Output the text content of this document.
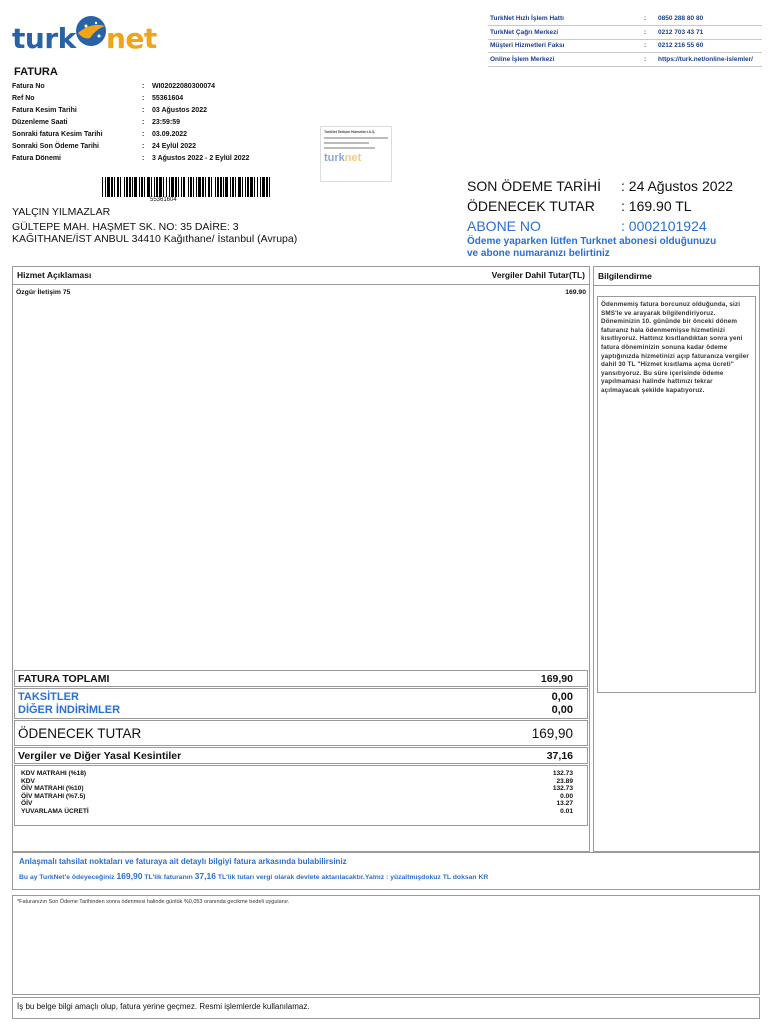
turk net
TurkNet Hızlı İşlem Hattı	:	0850 288 80 80
TurkNet Çağrı Merkezi	:	0212 703 43 71
Müşteri Hizmetleri Faksı	:	0212 216 55 60
Online İşlem Merkezi	:	https://turk.net/online-islemler/
FATURA
Fatura No	:	WI02022080300074
Ref No	:	55361604
Fatura Kesim Tarihi	:	03 Ağustos 2022
Düzenleme Saati	:	23:59:59
Sonraki fatura Kesim Tarihi	:	03.09.2022
Sonraki Son Ödeme Tarihi	:	24 Eylül 2022
Fatura Dönemi	:	3 Ağustos 2022 - 2 Eylül 2022
TurkNet İletişim Hizmetleri A.Ş.
turknet
55361604
YALÇIN YILMAZLAR
GÜLTEPE MAH. HAŞMET SK. NO: 35 DAİRE: 3
KAĞITHANE/İST ANBUL 34410 Kağıthane/ İstanbul (Avrupa)
SON ÖDEME TARİHİ	: 24 Ağustos 2022
ÖDENECEK TUTAR	: 169.90 TL
ABONE NO	: 0002101924
Ödeme yaparken lütfen Turknet abonesi olduğunuzu
ve abone numaranızı belirtiniz
Hizmet Açıklaması	Vergiler Dahil Tutar(TL)
Özgür İletişim 75	169.90
Bilgilendirme
Ödenmemiş fatura borcunuz olduğunda, sizi SMS'le ve arayarak bilgilendiriyoruz. Döneminizin 10. gününde bir önceki dönem faturanız hala ödenmemişse hizmetinizi kısıtlıyoruz. Hattınız kısıtlandıktan sonra yeni fatura döneminizin sonuna kadar ödeme yaptığınızda hizmetinizi açıp faturanıza vergiler dahil 30 TL "Hizmet kısıtlama açma ücreti" yansıtıyoruz. Bu süre içerisinde ödeme yapılmaması halinde hattınızı tekrar açılmayacak şekilde kapatıyoruz.
FATURA TOPLAMI	169,90
TAKSİTLER	0,00
DİĞER İNDİRİMLER	0,00
ÖDENECEK TUTAR	169,90
Vergiler ve Diğer Yasal Kesintiler	37,16
KDV MATRAHI (%18)	132.73
KDV	23.89
ÖİV MATRAHI (%10)	132.73
ÖİV MATRAHI (%7.5)	0.00
ÖİV	13.27
YUVARLAMA ÜCRETİ	0.01
Anlaşmalı tahsilat noktaları ve faturaya ait detaylı bilgiyi fatura arkasında bulabilirsiniz
Bu ay TurkNet'e ödeyeceğiniz 169,90 TL'lik faturanın 37,16 TL'lik tutarı vergi olarak devlete aktarılacaktır.Yalnız : yüzaltmışdokuz TL doksan KR
*Faturanızın Son Ödeme Tarihinden sonra ödenmesi halinde günlük %0,053 oranında gecikme bedeli uygulanır.
İş bu belge bilgi amaçlı olup, fatura yerine geçmez. Resmi işlemlerde kullanılamaz.
